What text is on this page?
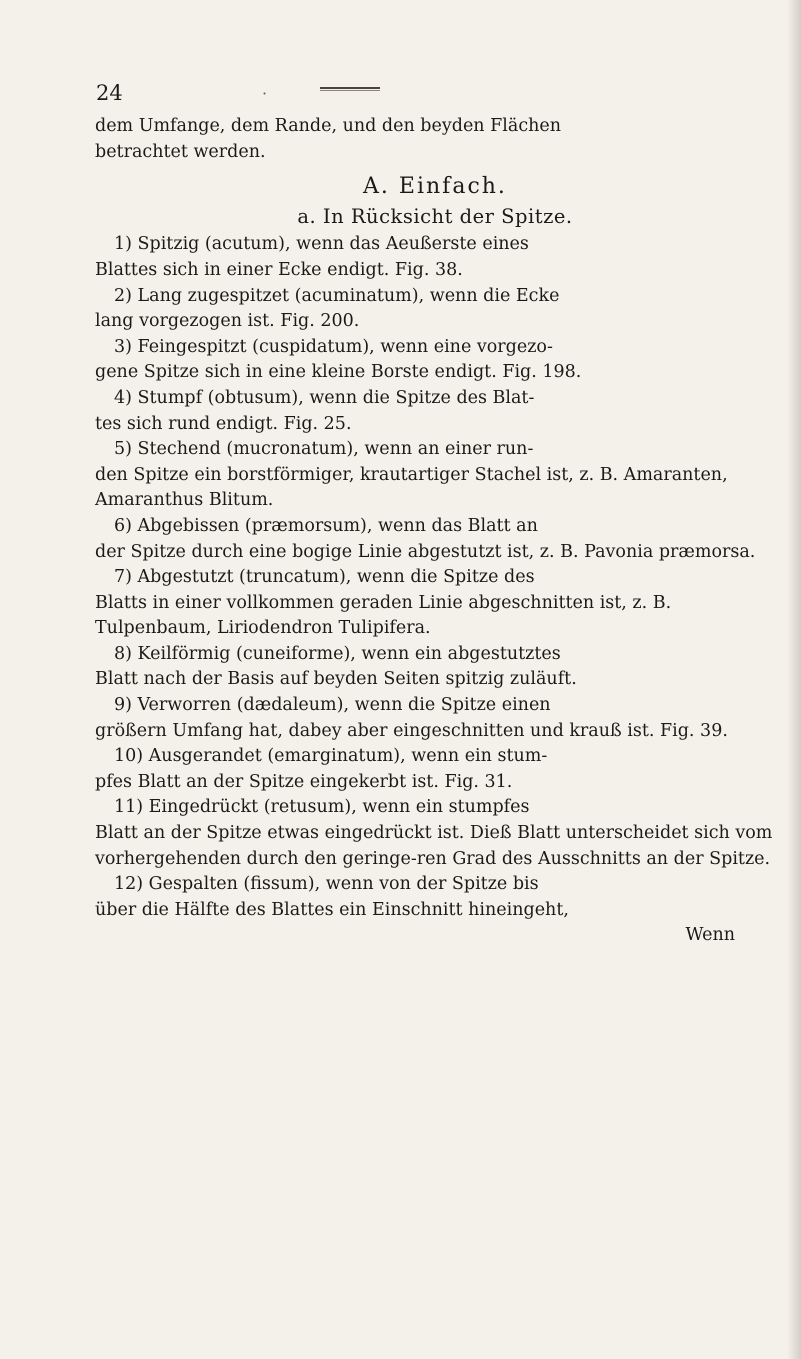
24	·

dem Umfange, dem Rande, und den beyden Flächen

betrachtet werden.

A. Einfach.

a. In Rücksicht der Spitze.

1) Spitzig (acutum), wenn das Aeußerste eines

Blattes sich in einer Ecke endigt. Fig. 38.

2) Lang zugespitzet (acuminatum), wenn die Ecke

lang vorgezogen ist. Fig. 200.

3) Feingespitzt (cuspidatum), wenn eine vorgezo-

gene Spitze sich in eine kleine Borste endigt. Fig. 198.

4) Stumpf (obtusum), wenn die Spitze des Blat-

tes sich rund endigt. Fig. 25.

5) Stechend (mucronatum), wenn an einer run-

den Spitze ein borstförmiger, krautartiger Stachel ist, z. B. Amaranten, Amaranthus Blitum.

6) Abgebissen (præmorsum), wenn das Blatt an

der Spitze durch eine bogige Linie abgestutzt ist, z. B. Pavonia præmorsa.

7) Abgestutzt (truncatum), wenn die Spitze des

Blatts in einer vollkommen geraden Linie abgeschnitten ist, z. B. Tulpenbaum, Liriodendron Tulipifera.

8) Keilförmig (cuneiforme), wenn ein abgestutztes

Blatt nach der Basis auf beyden Seiten spitzig zuläuft.

9) Verworren (dædaleum), wenn die Spitze einen

größern Umfang hat, dabey aber eingeschnitten und krauß ist. Fig. 39.

10) Ausgerandet (emarginatum), wenn ein stum-

pfes Blatt an der Spitze eingekerbt ist. Fig. 31.

11) Eingedrückt (retusum), wenn ein stumpfes

Blatt an der Spitze etwas eingedrückt ist. Dieß Blatt unterscheidet sich vom vorhergehenden durch den geringe-ren Grad des Ausschnitts an der Spitze.

12) Gespalten (fissum), wenn von der Spitze bis

über die Hälfte des Blattes ein Einschnitt hineingeht,

Wenn
